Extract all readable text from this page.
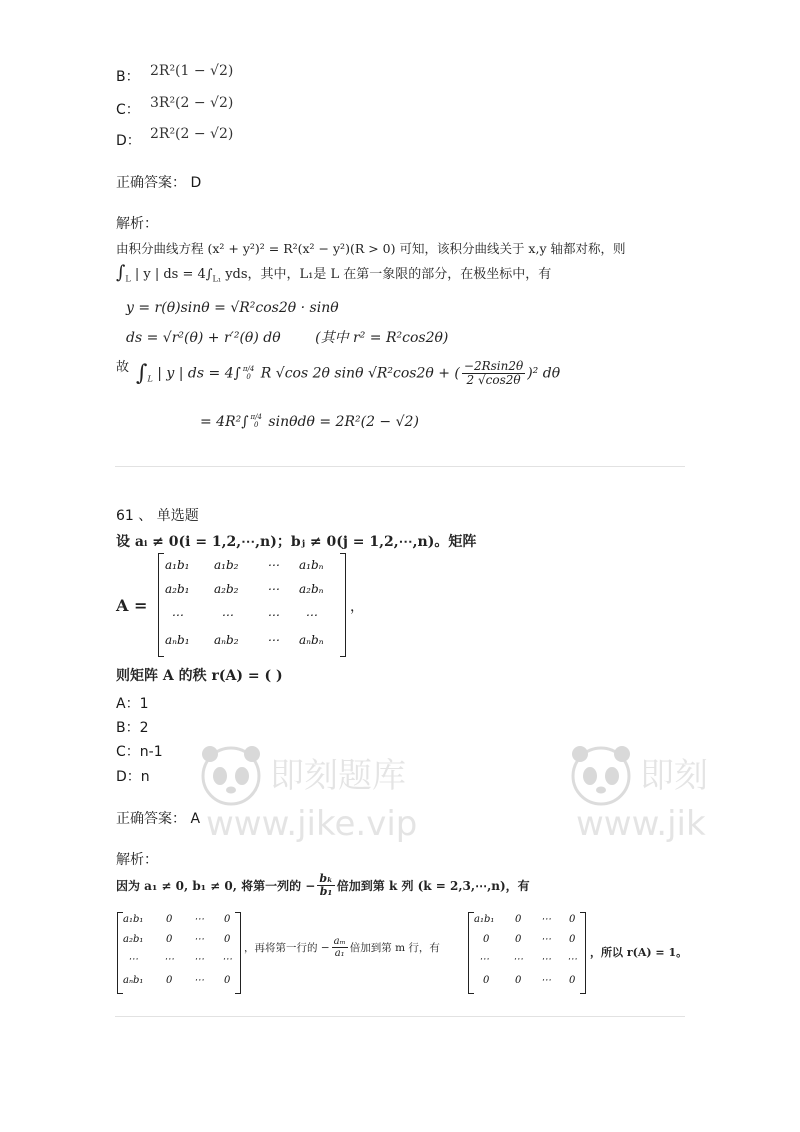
B： 2R²(1 − √2)
C： 3R²(2 − √2)
D： 2R²(2 − √2)
正确答案： D
解析：
由积分曲线方程 (x² + y²)² = R²(x² − y²)(R > 0) 可知，该积分曲线关于 x,y 轴都对称，则
$\int_L$ | y | ds = $4\int_{L_1}$ yds，其中，L₁是 L 在第一象限的部分，在极坐标中，有
y = r(θ)sinθ = √R²cos2θ · sinθ
ds = √r²(θ) + r′²(θ) dθ (其中 r² = R²cos2θ)
故 $\int_L$ | y | ds = 4∫ π/4
0 R √cos 2θ sinθ √R²cos2θ + ( $\frac{-2Rsin2\theta}{2 √\cos 2\theta} )^2$ dθ
= 4R²∫ π/4
0 sinθdθ = 2R²(2 − √2)
61 、 单选题
设 aᵢ ≠ 0(i = 1,2,⋯,n)；bⱼ ≠ 0(j = 1,2,⋯,n)。矩阵
A =
a₁b₁ a₁b₂ ⋯ a₁bₙ
a₂b₁ a₂b₂ ⋯ a₂bₙ
⋯	⋯	⋯ ⋯
aₙb₁ aₙb₂ ⋯ aₙbₙ
，
则矩阵 A 的秩 r(A) = ( )
A：1
B：2
C：n-1
D：n
正确答案： A
解析：
因为 a₁ ≠ 0, b₁ ≠ 0, 将第一列的 − $\frac{\text{bₖ}}{\text{b₁}}$ 倍加到第 k 列 (k = 2,3,⋯,n)，有
a₁b₁ 0 ⋯ 0
a₂b₁ 0 ⋯ 0
⋯	⋯ ⋯ ⋯
aₙb₁ 0 ⋯ 0
，再将第一行的 − $\frac{\text{aₘ}}{\text{a₁}}$ 倍加到第 m 行，有
a₁b₁ 0 ⋯ 0
0	0 ⋯ 0
⋯ ⋯ ⋯ ⋯
0	0 ⋯ 0
，所以 r(A) = 1。
即刻题库
www.jike.vip
即刻
www.jik
